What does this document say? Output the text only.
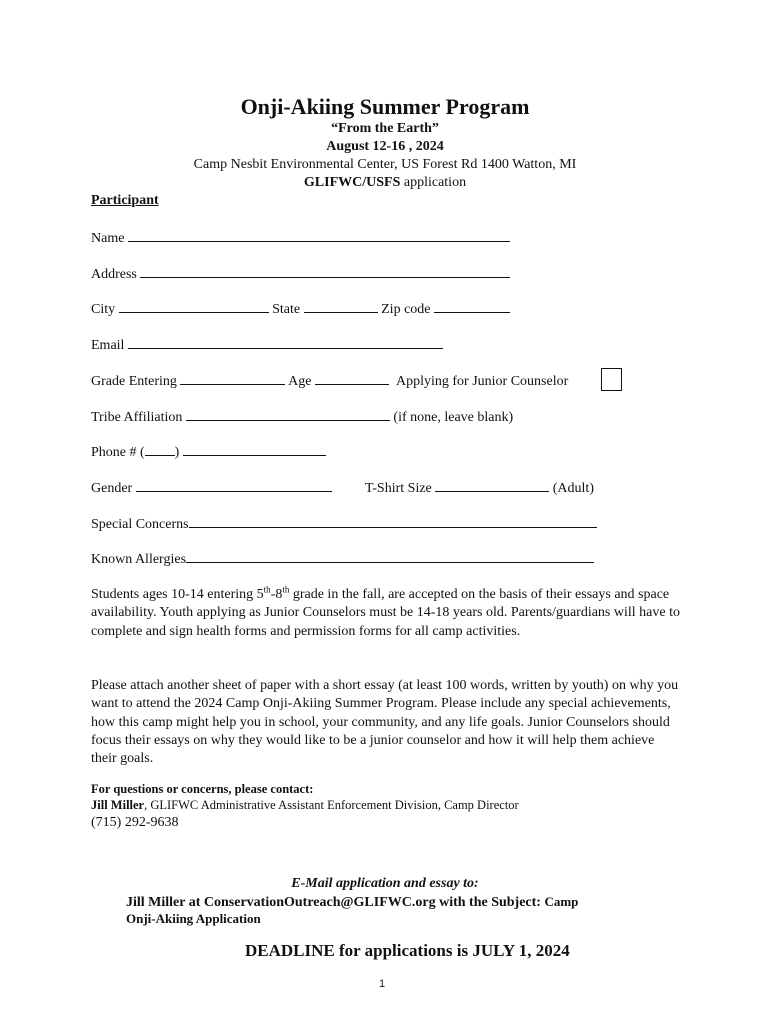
Onji-Akiing Summer Program
“From the Earth”
August 12-16 , 2024
Camp Nesbit Environmental Center, US Forest Rd 1400 Watton, MI
GLIFWC/USFS application
Participant
Name
Address
City	State	Zip code
Email
Grade Entering	Age	Applying for Junior Counselor
Tribe Affiliation	(if none, leave blank)
Phone # ( )
Gender	T-Shirt Size	(Adult)
Special Concerns
Known Allergies
Students ages 10-14 entering 5th-8th grade in the fall, are accepted on the basis of their essays and space availability. Youth applying as Junior Counselors must be 14-18 years old. Parents/guardians will have to complete and sign health forms and permission forms for all camp activities.
Please attach another sheet of paper with a short essay (at least 100 words, written by youth) on why you want to attend the 2024 Camp Onji-Akiing Summer Program. Please include any special achievements, how this camp might help you in school, your community, and any life goals. Junior Counselors should focus their essays on why they would like to be a junior counselor and how it will help them achieve their goals.
For questions or concerns, please contact:
Jill Miller, GLIFWC Administrative Assistant Enforcement Division, Camp Director
(715) 292-9638
E-Mail application and essay to:
Jill Miller at ConservationOutreach@GLIFWC.org with the Subject: Camp
Onji-Akiing Application
DEADLINE for applications is JULY 1, 2024
1
